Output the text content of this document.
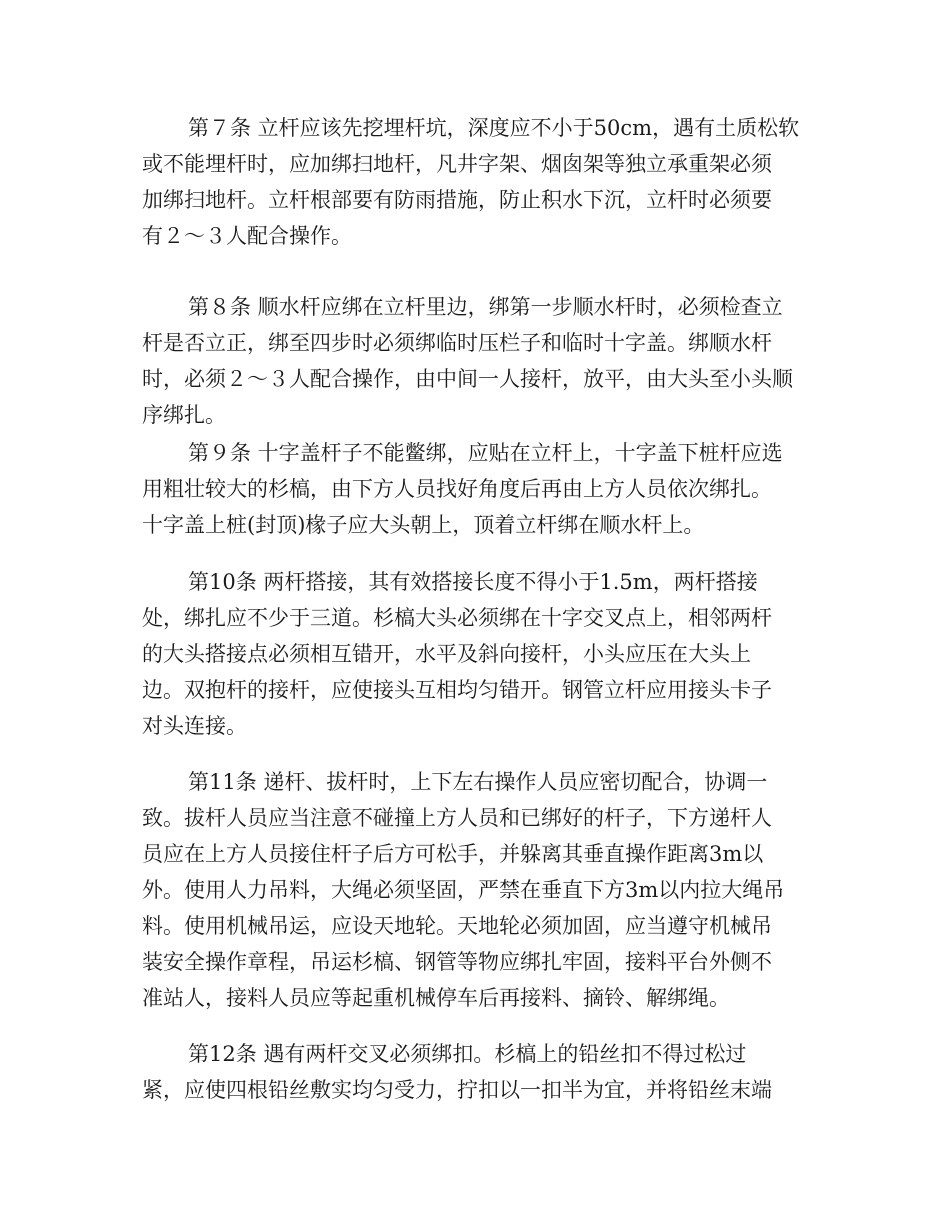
第７条 立杆应该先挖埋杆坑，深度应不小于50cm，遇有土质松软
或不能埋杆时，应加绑扫地杆，凡井字架、烟囱架等独立承重架必须
加绑扫地杆。立杆根部要有防雨措施，防止积水下沉，立杆时必须要
有２～３人配合操作。
第８条 顺水杆应绑在立杆里边，绑第一步顺水杆时，必须检查立
杆是否立正，绑至四步时必须绑临时压栏子和临时十字盖。绑顺水杆
时，必须２～３人配合操作，由中间一人接杆，放平，由大头至小头顺
序绑扎。
第９条 十字盖杆子不能鳖绑，应贴在立杆上，十字盖下桩杆应选
用粗壮较大的杉槁，由下方人员找好角度后再由上方人员依次绑扎。
十字盖上桩(封顶)椽子应大头朝上，顶着立杆绑在顺水杆上。
第10条 两杆搭接，其有效搭接长度不得小于1.5m，两杆搭接
处，绑扎应不少于三道。杉槁大头必须绑在十字交叉点上，相邻两杆
的大头搭接点必须相互错开，水平及斜向接杆，小头应压在大头上
边。双抱杆的接杆，应使接头互相均匀错开。钢管立杆应用接头卡子
对头连接。
第11条 递杆、拔杆时，上下左右操作人员应密切配合，协调一
致。拔杆人员应当注意不碰撞上方人员和已绑好的杆子，下方递杆人
员应在上方人员接住杆子后方可松手，并躲离其垂直操作距离3m以
外。使用人力吊料，大绳必须坚固，严禁在垂直下方3m以内拉大绳吊
料。使用机械吊运，应设天地轮。天地轮必须加固，应当遵守机械吊
装安全操作章程，吊运杉槁、钢管等物应绑扎牢固，接料平台外侧不
准站人，接料人员应等起重机械停车后再接料、摘铃、解绑绳。
第12条 遇有两杆交叉必须绑扣。杉槁上的铅丝扣不得过松过
紧，应使四根铅丝敷实均匀受力，拧扣以一扣半为宜，并将铅丝末端
